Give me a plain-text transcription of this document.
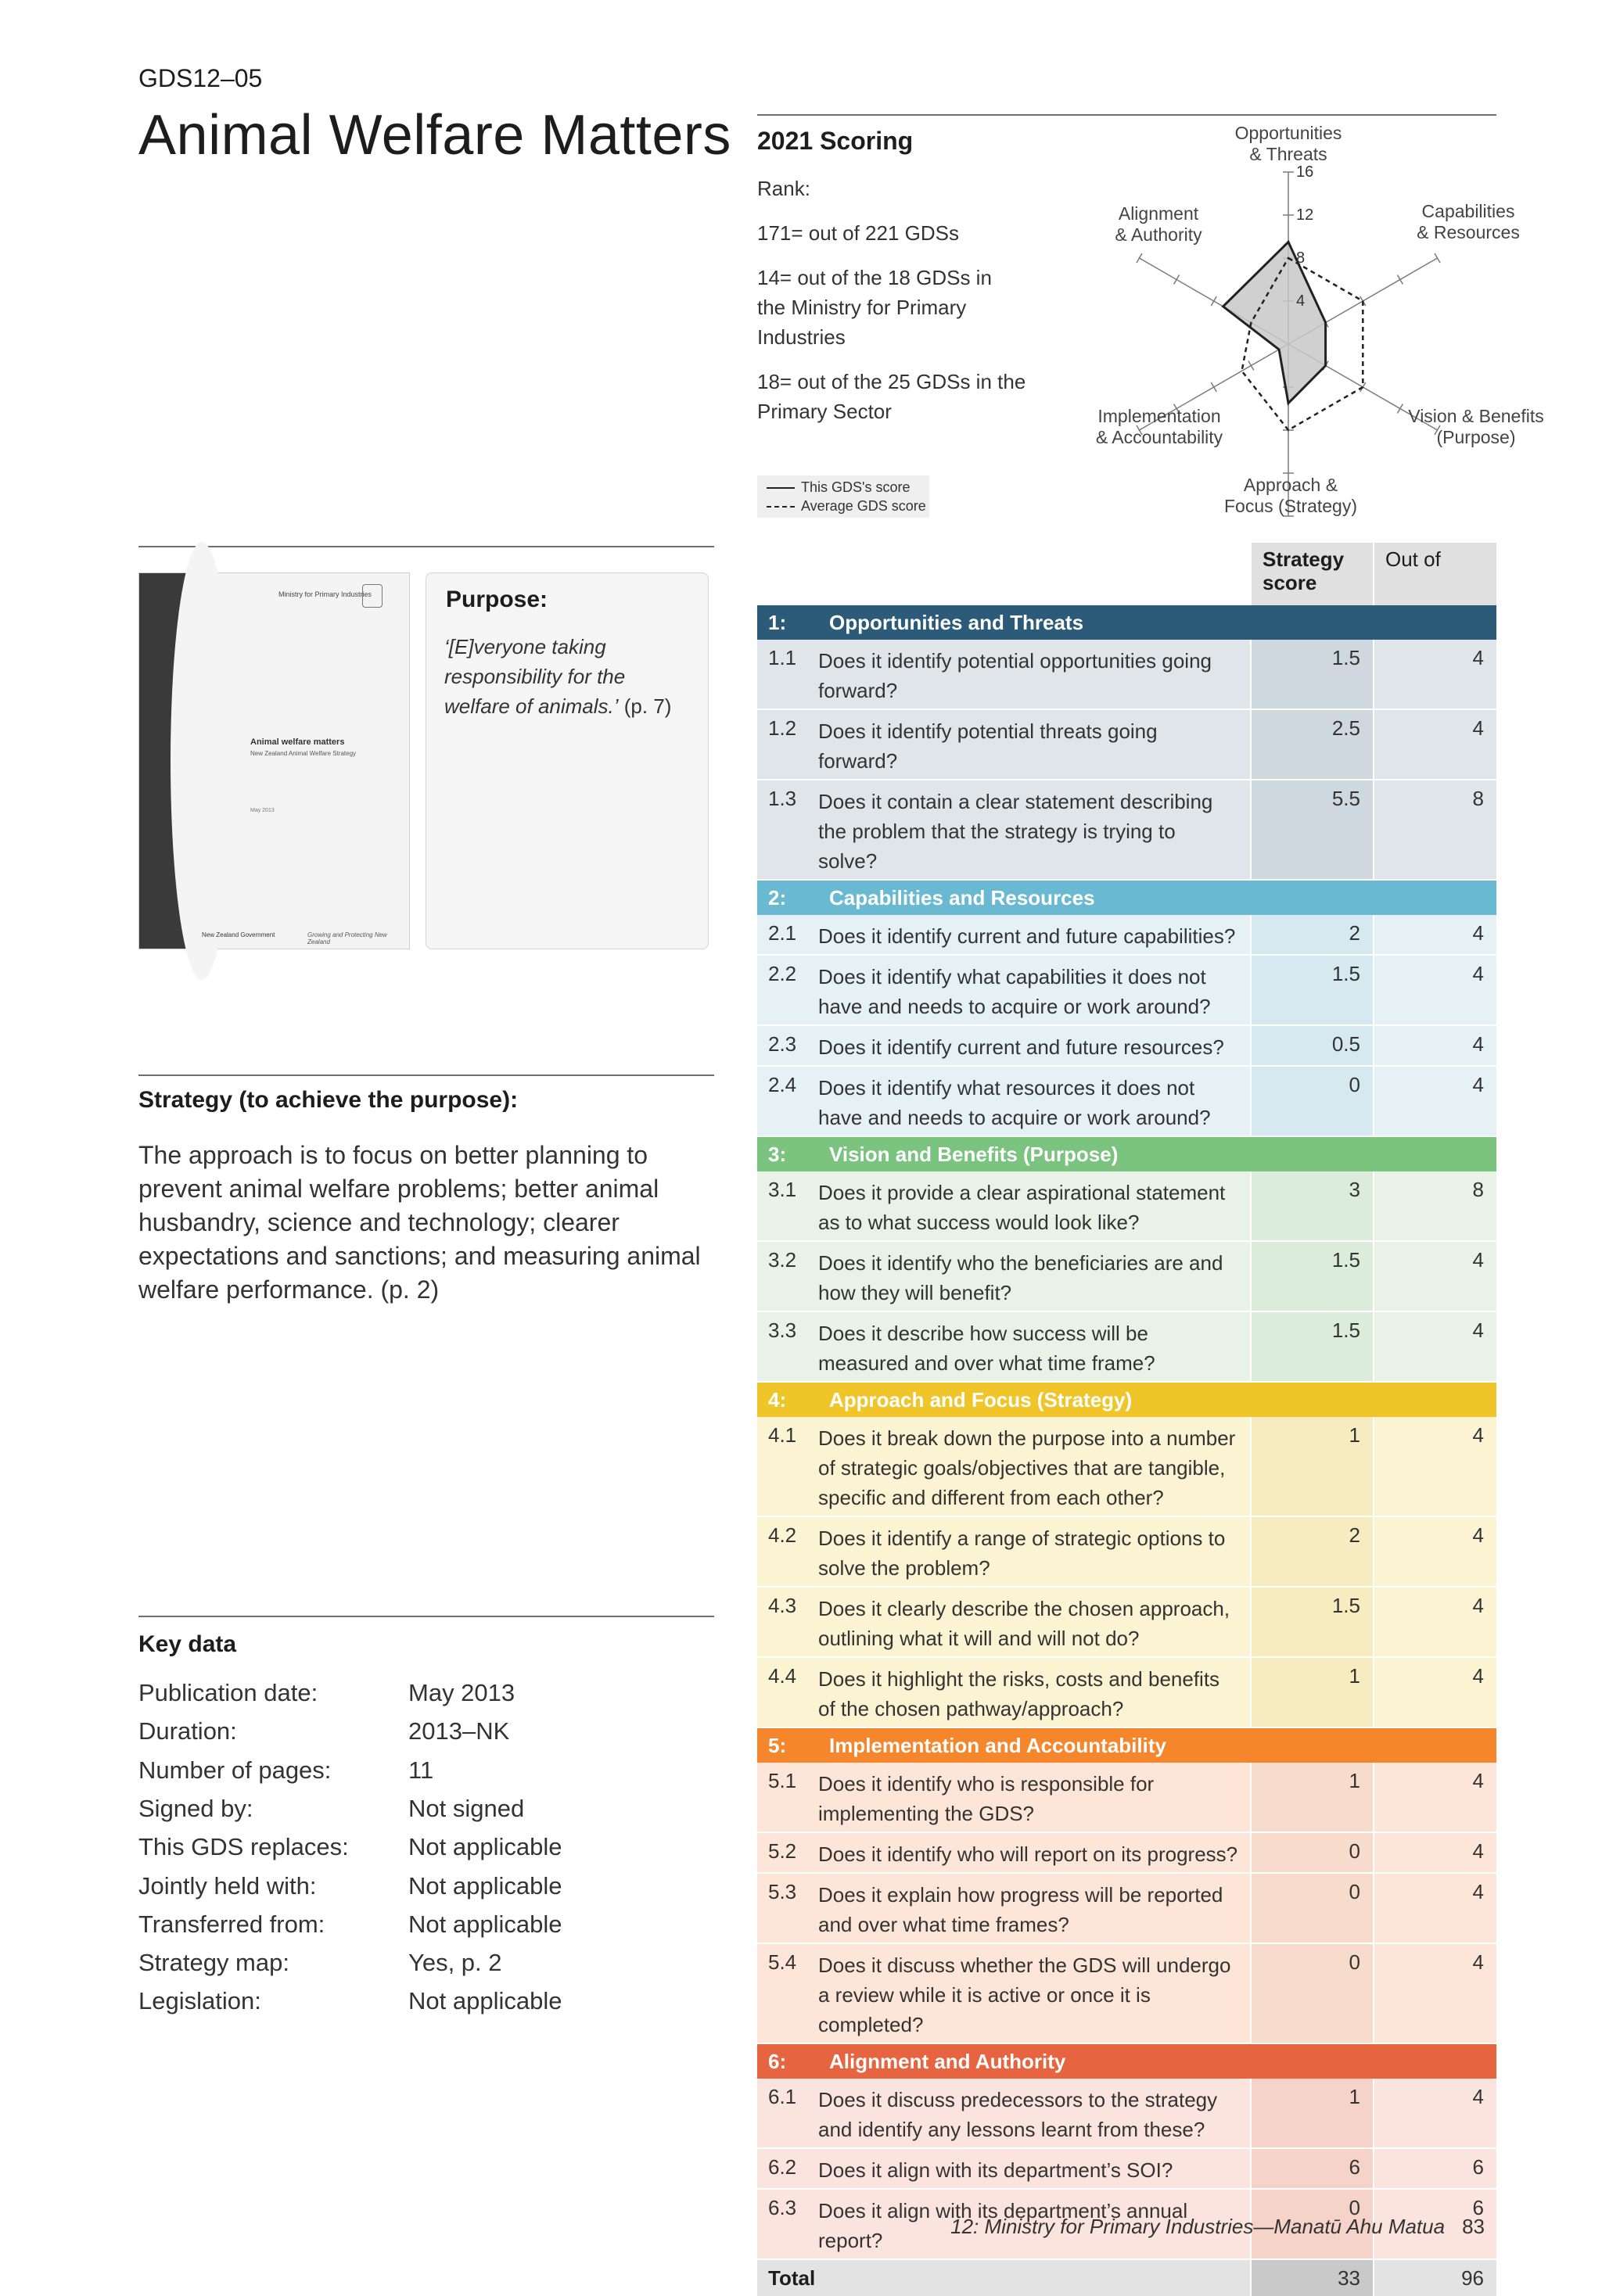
GDS12–05
Animal Welfare Matters 2021 Scoring

Rank:

171= out of 221 GDSs

14= out of the 18 GDSs in the Ministry for Primary Industries

18= out of the 25 GDSs in the Primary Sector

This GDS's score
Average GDS score
4
8
12
16
Opportunities & Threats
Capabilities & Resources
Vision & Benefits (Purpose)
Approach & Focus (Strategy)
Implementation & Accountability
Alignment & Authority
Ministry for Primary Industries
Animal welfare matters
New Zealand Animal Welfare Strategy
May 2013
New Zealand Government	Growing and Protecting New Zealand
Purpose:
‘[E]veryone taking responsibility for the welfare of animals.’ (p. 7)
Strategy (to achieve the purpose):
The approach is to focus on better planning to prevent animal welfare problems; better animal husbandry, science and technology; clearer expectations and sanctions; and measuring animal welfare performance. (p. 2)
Key data
Publication date:	May 2013
Duration:	2013–NK
Number of pages:	11
Signed by:	Not signed
This GDS replaces: Not applicable
Jointly held with:	Not applicable
Transferred from:	Not applicable
Strategy map:	Yes, p. 2
Legislation:	Not applicable
		Strategy score	Out of
1:	Opportunities and Threats		
1.1	Does it identify potential opportunities going forward?	1.5	4
1.2	Does it identify potential threats going forward?	2.5	4
1.3	Does it contain a clear statement describing the problem that the strategy is trying to solve?	5.5	8
2:	Capabilities and Resources		
2.1	Does it identify current and future capabilities?	2	4
2.2	Does it identify what capabilities it does not have and needs to acquire or work around?	1.5	4
2.3	Does it identify current and future resources?	0.5	4
2.4	Does it identify what resources it does not have and needs to acquire or work around?	0	4
3:	Vision and Benefits (Purpose)		
3.1	Does it provide a clear aspirational statement as to what success would look like?	3	8
3.2	Does it identify who the beneficiaries are and how they will benefit?	1.5	4
3.3	Does it describe how success will be measured and over what time frame?	1.5	4
4:	Approach and Focus (Strategy)		
4.1	Does it break down the purpose into a number of strategic goals/objectives that are tangible, specific and different from each other?	1	4
4.2	Does it identify a range of strategic options to solve the problem?	2	4
4.3	Does it clearly describe the chosen approach, outlining what it will and will not do?	1.5	4
4.4	Does it highlight the risks, costs and benefits of the chosen pathway/approach?	1	4
5:	Implementation and Accountability		
5.1	Does it identify who is responsible for implementing the GDS?	1	4
5.2	Does it identify who will report on its progress?	0	4
5.3	Does it explain how progress will be reported and over what time frames?	0	4
5.4	Does it discuss whether the GDS will undergo a review while it is active or once it is completed?	0	4
6:	Alignment and Authority		
6.1	Does it discuss predecessors to the strategy and identify any lessons learnt from these?	1	4
6.2	Does it align with its department’s SOI?	6	6
6.3	Does it align with its department’s annual report?	0	6
Total		33	96
12: Ministry for Primary Industries—Manatū Ahu Matua 83
